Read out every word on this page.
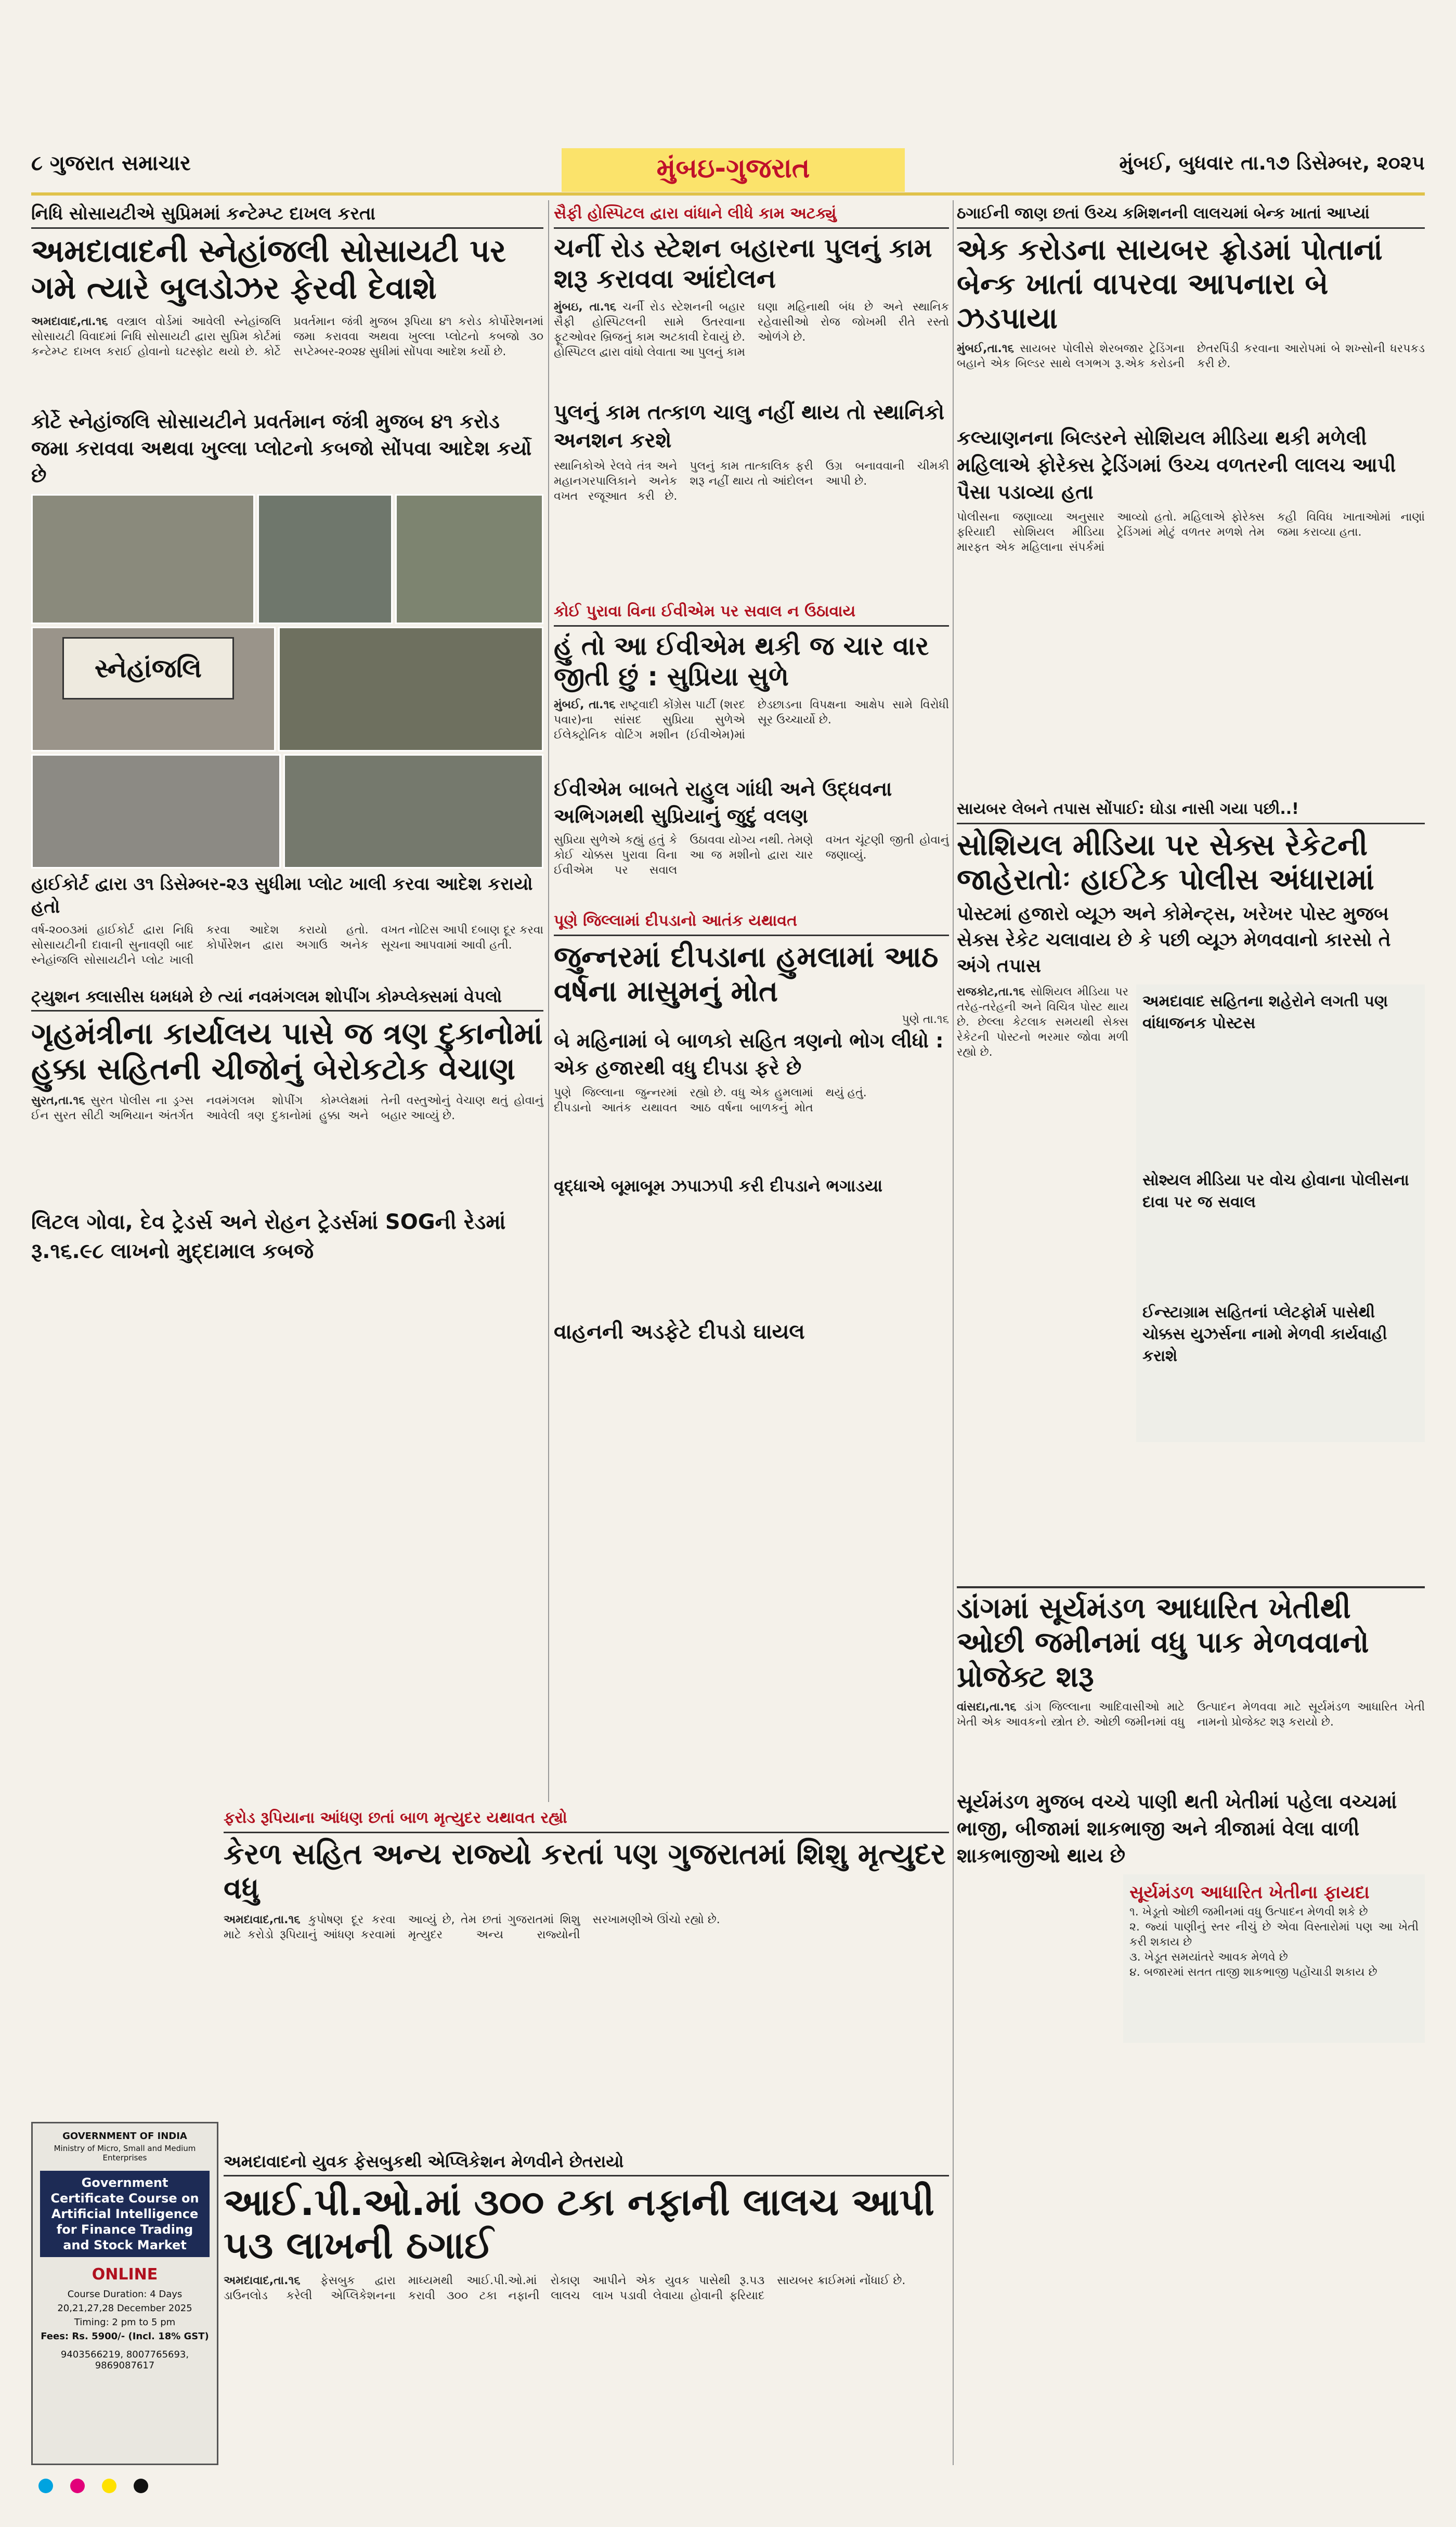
૮ ગુજરાત સમાચાર	મુંબઇ-ગુજરાત	મુંબઈ, બુધવાર તા.૧૭ ડિસેમ્બર, ૨૦૨૫
નિધિ સોસાયટીએ સુપ્રિમમાં કન્ટેમ્પ્ટ દાખલ કરતા
અમદાવાદની સ્નેહાંજલી સોસાયટી પર ગમે ત્યારે બુલડોઝર ફેરવી દેવાશે
અમદાવાદ,તા.૧૬ વસ્ત્રાલ વોર્ડમાં આવેલી સ્નેહાંજલિ સોસાયટી વિવાદમાં નિધિ સોસાયટી દ્વારા સુપ્રિમ કોર્ટમાં કન્ટેમ્પ્ટ દાખલ કરાઈ હોવાનો ઘટસ્ફોટ થયો છે. કોર્ટે પ્રવર્તમાન જંત્રી મુજબ રૂપિયા ૪૧ કરોડ કોર્પોરેશનમાં જમા કરાવવા અથવા ખુલ્લા પ્લોટનો કબજો ૩૦ સપ્ટેમ્બર-૨૦૨૪ સુધીમાં સોંપવા આદેશ કર્યો છે.
કોર્ટે સ્નેહાંજલિ સોસાયટીને પ્રવર્તમાન જંત્રી મુજબ ૪૧ કરોડ જમા કરાવવા અથવા ખુલ્લા પ્લોટનો કબજો સોંપવા આદેશ કર્યો છે
સ્નેહાંજલિ
હાઈકોર્ટ દ્વારા ૩૧ ડિસેમ્બર-૨૩ સુધીમા પ્લોટ ખાલી કરવા આદેશ કરાયો હતો
વર્ષ-૨૦૦૩માં હાઈકોર્ટ દ્વારા નિધિ સોસાયટીની દાવાની સુનાવણી બાદ સ્નેહાંજલિ સોસાયટીને પ્લોટ ખાલી કરવા આદેશ કરાયો હતો. કોર્પોરેશન દ્વારા અગાઉ અનેક વખત નોટિસ આપી દબાણ દૂર કરવા સૂચના આપવામાં આવી હતી.
સૈફી હોસ્પિટલ દ્વારા વાંધાને લીધે કામ અટક્યું
ચર્ની રોડ સ્ટેશન બહારના પુલનું કામ શરૂ કરાવવા આંદોલન
મુંબઇ, તા.૧૬ ચર્ની રોડ સ્ટેશનની બહાર સૈફી હોસ્પિટલની સામે ઉતરવાના ફૂટઓવર બ્રિજનું કામ અટકાવી દેવાયું છે. હોસ્પિટલ દ્વારા વાંધો લેવાતા આ પુલનું કામ ઘણા મહિનાથી બંધ છે અને સ્થાનિક રહેવાસીઓ રોજ જોખમી રીતે રસ્તો ઓળંગે છે.
પુલનું કામ તત્કાળ ચાલુ નહીં થાય તો સ્થાનિકો અનશન કરશે
સ્થાનિકોએ રેલવે તંત્ર અને મહાનગરપાલિકાને અનેક વખત રજૂઆત કરી છે. પુલનું કામ તાત્કાલિક ફરી શરૂ નહીં થાય તો આંદોલન ઉગ્ર બનાવવાની ચીમકી આપી છે.
કોઈ પુરાવા વિના ઈવીએમ પર સવાલ ન ઉઠાવાય
હું તો આ ઈવીએમ થકી જ ચાર વાર જીતી છું : સુપ્રિયા સુળે
મુંબઈ, તા.૧૬ રાષ્ટ્રવાદી કોંગ્રેસ પાર્ટી (શરદ પવાર)ના સાંસદ સુપ્રિયા સુળેએ ઈલેક્ટ્રોનિક વોટિંગ મશીન (ઈવીએમ)માં છેડછાડના વિપક્ષના આક્ષેપ સામે વિરોધી સૂર ઉચ્ચાર્યો છે.
ઈવીએમ બાબતે રાહુલ ગાંધી અને ઉદ્ધવના અભિગમથી સુપ્રિયાનું જુદું વલણ
સુપ્રિયા સુળેએ કહ્યું હતું કે કોઈ ચોક્કસ પુરાવા વિના ઈવીએમ પર સવાલ ઉઠાવવા યોગ્ય નથી. તેમણે આ જ મશીનો દ્વારા ચાર વખત ચૂંટણી જીતી હોવાનું જણાવ્યું.
ઠગાઈની જાણ છતાં ઉચ્ચ કમિશનની લાલચમાં બેન્ક ખાતાં આપ્યાં
એક કરોડના સાયબર ફ્રોડમાં પોતાનાં બેન્ક ખાતાં વાપરવા આપનારા બે ઝડપાયા
મુંબઈ,તા.૧૬ સાયબર પોલીસે શેરબજાર ટ્રેડિંગના બહાને એક બિલ્ડર સાથે લગભગ રૂ.એક કરોડની છેતરપિંડી કરવાના આરોપમાં બે શખ્સોની ધરપકડ કરી છે.
કલ્યાણનના બિલ્ડરને સોશિયલ મીડિયા થકી મળેલી મહિલાએ ફોરેક્સ ટ્રેડિંગમાં ઉચ્ચ વળતરની લાલચ આપી પૈસા પડાવ્યા હતા
પોલીસના જણાવ્યા અનુસાર ફરિયાદી સોશિયલ મીડિયા મારફત એક મહિલાના સંપર્કમાં આવ્યો હતો. મહિલાએ ફોરેક્સ ટ્રેડિંગમાં મોટું વળતર મળશે તેમ કહી વિવિધ ખાતાઓમાં નાણાં જમા કરાવ્યા હતા.
સાયબર લેબને તપાસ સોંપાઈ: ઘોડા નાસી ગયા પછી..!
સોશિયલ મીડિયા પર સેક્સ રેકેટની જાહેરાતોઃ હાઈટેક પોલીસ અંધારામાં
પોસ્ટમાં હજારો વ્યૂઝ અને કોમેન્ટ્સ, ખરેખર પોસ્ટ મુજબ સેક્સ રેકેટ ચલાવાય છે કે પછી વ્યૂઝ મેળવવાનો કારસો તે અંગે તપાસ
રાજકોટ,તા.૧૬ સોશિયલ મીડિયા પર તરેહ-તરેહની અને વિચિત્ર પોસ્ટ થાય છે. છેલ્લા કેટલાક સમયથી સેક્સ રેકેટની પોસ્ટનો ભરમાર જોવા મળી રહ્યો છે.
અમદાવાદ સહિતના શહેરોને લગતી પણ વાંધાજનક પોસ્ટસ
સોશ્યલ મીડિયા પર વોચ હોવાના પોલીસના દાવા પર જ સવાલ
ઈન્સ્ટાગ્રામ સહિતનાં પ્લેટફોર્મ પાસેથી ચોક્કસ યુઝર્સના નામો મેળવી કાર્યવાહી કરાશે
ટ્યુશન ક્લાસીસ ધમધમે છે ત્યાં નવમંગલમ શોપીંગ કોમ્પ્લેક્સમાં વેપલો
ગૃહમંત્રીના કાર્યાલય પાસે જ ત્રણ દુકાનોમાં હુક્કા સહિતની ચીજોનું બેરોકટોક વેચાણ
સુરત,તા.૧૬ સુરત પોલીસ ના ડ્રગ્સ ઈન સુરત સીટી અભિયાન અંતર્ગત નવમંગલમ શોપીંગ કોમ્પ્લેક્ષમાં આવેલી ત્રણ દુકાનોમાં હુક્કા અને તેની વસ્તુઓનું વેચાણ થતું હોવાનું બહાર આવ્યું છે.
લિટલ ગોવા, દેવ ટ્રેડર્સ અને રોહન ટ્રેડર્સમાં SOGની રેડમાં રૂ.૧૬.૯૮ લાખનો મુદ્દામાલ કબજે
પૂણે જિલ્લામાં દીપડાનો આતંક યથાવત
જુન્નરમાં દીપડાના હુમલામાં આઠ વર્ષના માસુમનું મોત
પુણે તા.૧૬
બે મહિનામાં બે બાળકો સહિત ત્રણનો ભોગ લીધો : એક હજારથી વધુ દીપડા ફરે છે
પુણે જિલ્લાના જુન્નરમાં દીપડાનો આતંક યથાવત રહ્યો છે. વધુ એક હુમલામાં આઠ વર્ષના બાળકનું મોત થયું હતું.
વૃદ્ધાએ બૂમાબૂમ ઝપાઝપી કરી દીપડાને ભગાડયા
વાહનની અડફેટે દીપડો ઘાયલ
ડાંગમાં સૂર્યમંડળ આધારિત ખેતીથી ઓછી જમીનમાં વધુ પાક મેળવવાનો પ્રોજેક્ટ શરૂ
વાંસદા,તા.૧૬ ડાંગ જિલ્લાના આદિવાસીઓ માટે ખેતી એક આવકનો સ્ત્રોત છે. ઓછી જમીનમાં વધુ ઉત્પાદન મેળવવા માટે સૂર્યમંડળ આધારિત ખેતી નામનો પ્રોજેક્ટ શરૂ કરાયો છે.
સૂર્યમંડળ મુજબ વચ્ચે પાણી થતી ખેતીમાં પહેલા વચ્ચમાં ભાજી, બીજામાં શાકભાજી અને ત્રીજામાં વેલા વાળી શાકભાજીઓ થાય છે
સૂર્યમંડળ આધારિત ખેતીના ફાયદા
૧. ખેડૂતો ઓછી જમીનમાં વધુ ઉત્પાદન મેળવી શકે છે
૨. જ્યાં પાણીનું સ્તર નીચું છે એવા વિસ્તારોમાં પણ આ ખેતી કરી શકાય છે
૩. ખેડૂત સમયાંતરે આવક મેળવે છે
૪. બજારમાં સતત તાજી શાકભાજી પહોંચાડી શકાય છે
ફરોડ રૂપિયાના આંધણ છતાં બાળ મૃત્યુદર યથાવત રહ્યો
કેરળ સહિત અન્ય રાજ્યો કરતાં પણ ગુજરાતમાં શિશુ મૃત્યુદર વધુ
અમદાવાદ,તા.૧૬ કુપોષણ દૂર કરવા માટે કરોડો રૂપિયાનું આંધણ કરવામાં આવ્યું છે, તેમ છતાં ગુજરાતમાં શિશુ મૃત્યુદર અન્ય રાજ્યોની સરખામણીએ ઊંચો રહ્યો છે.
GOVERNMENT OF INDIA
Ministry of Micro, Small and Medium Enterprises
Government Certificate Course on Artificial Intelligence for Finance Trading and Stock Market
ONLINE
Course Duration: 4 Days
20,21,27,28 December 2025
Timing: 2 pm to 5 pm
Fees: Rs. 5900/- (Incl. 18% GST)
9403566219, 8007765693, 9869087617
અમદાવાદનો યુવક ફેસબુકથી એપ્લિકેશન મેળવીને છેતરાયો
આઈ.પી.ઓ.માં ૩૦૦ ટકા નફાની લાલચ આપી ૫૩ લાખની ઠગાઈ
અમદાવાદ,તા.૧૬ ફેસબુક દ્વારા ડાઉનલોડ કરેલી એપ્લિકેશનના માધ્યમથી આઈ.પી.ઓ.માં રોકાણ કરાવી ૩૦૦ ટકા નફાની લાલચ આપીને એક યુવક પાસેથી રૂ.૫૩ લાખ પડાવી લેવાયા હોવાની ફરિયાદ સાયબર ક્રાઈમમાં નોંધાઈ છે.
